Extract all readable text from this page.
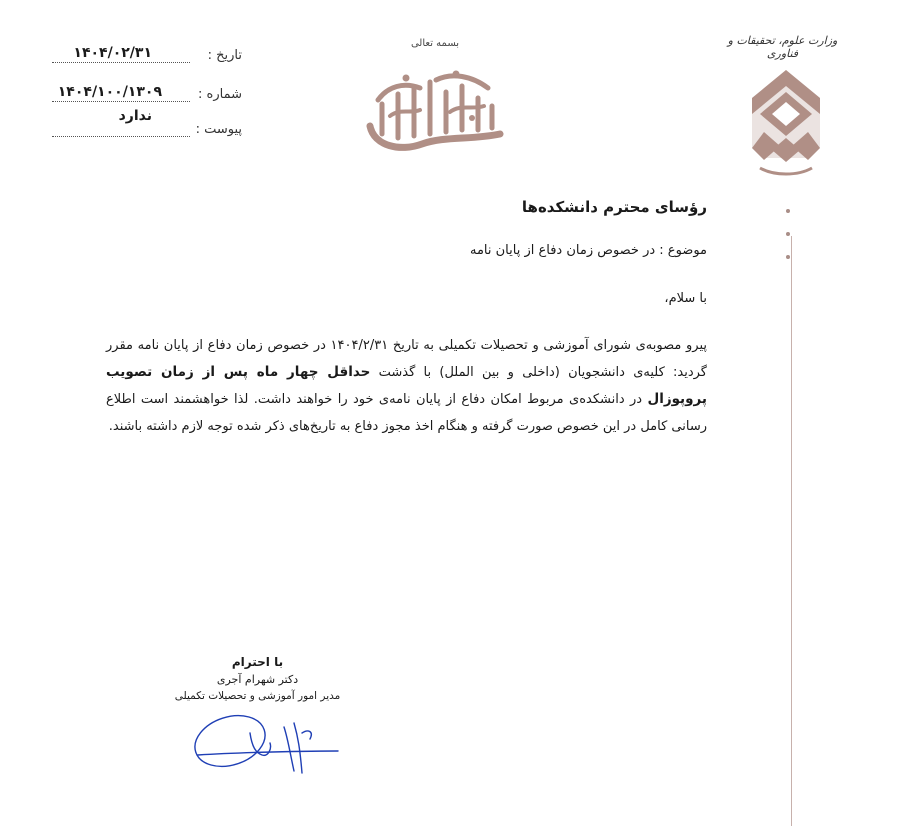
تاریخ :
۱۴۰۴/۰۲/۳۱
شماره :
۱۴۰۴/۱۰۰/۱۳۰۹
پیوست :
ندارد
بسمه تعالی	وزارت علوم، تحقیقات و فناوری
رؤسای محترم دانشکده‌ها
موضوع : در خصوص زمان دفاع از پایان نامه
با سلام،
پیرو مصوبه‌ی شورای آموزشی و تحصیلات تکمیلی به تاریخ ۱۴۰۴/۲/۳۱ در خصوص زمان دفاع از پایان نامه مقرر گردید: کلیه‌ی دانشجویان (داخلی و بین الملل) با گذشت حداقل چهار ماه پس از زمان تصویب پروپوزال در دانشکده‌ی مربوط امکان دفاع از پایان نامه‌ی خود را خواهند داشت. لذا خواهشمند است اطلاع رسانی کامل در این خصوص صورت گرفته و هنگام اخذ مجوز دفاع به تاریخ‌های ذکر شده توجه لازم داشته باشند.
با احترام
دکتر شهرام آجری
مدیر امور آموزشی و تحصیلات تکمیلی
